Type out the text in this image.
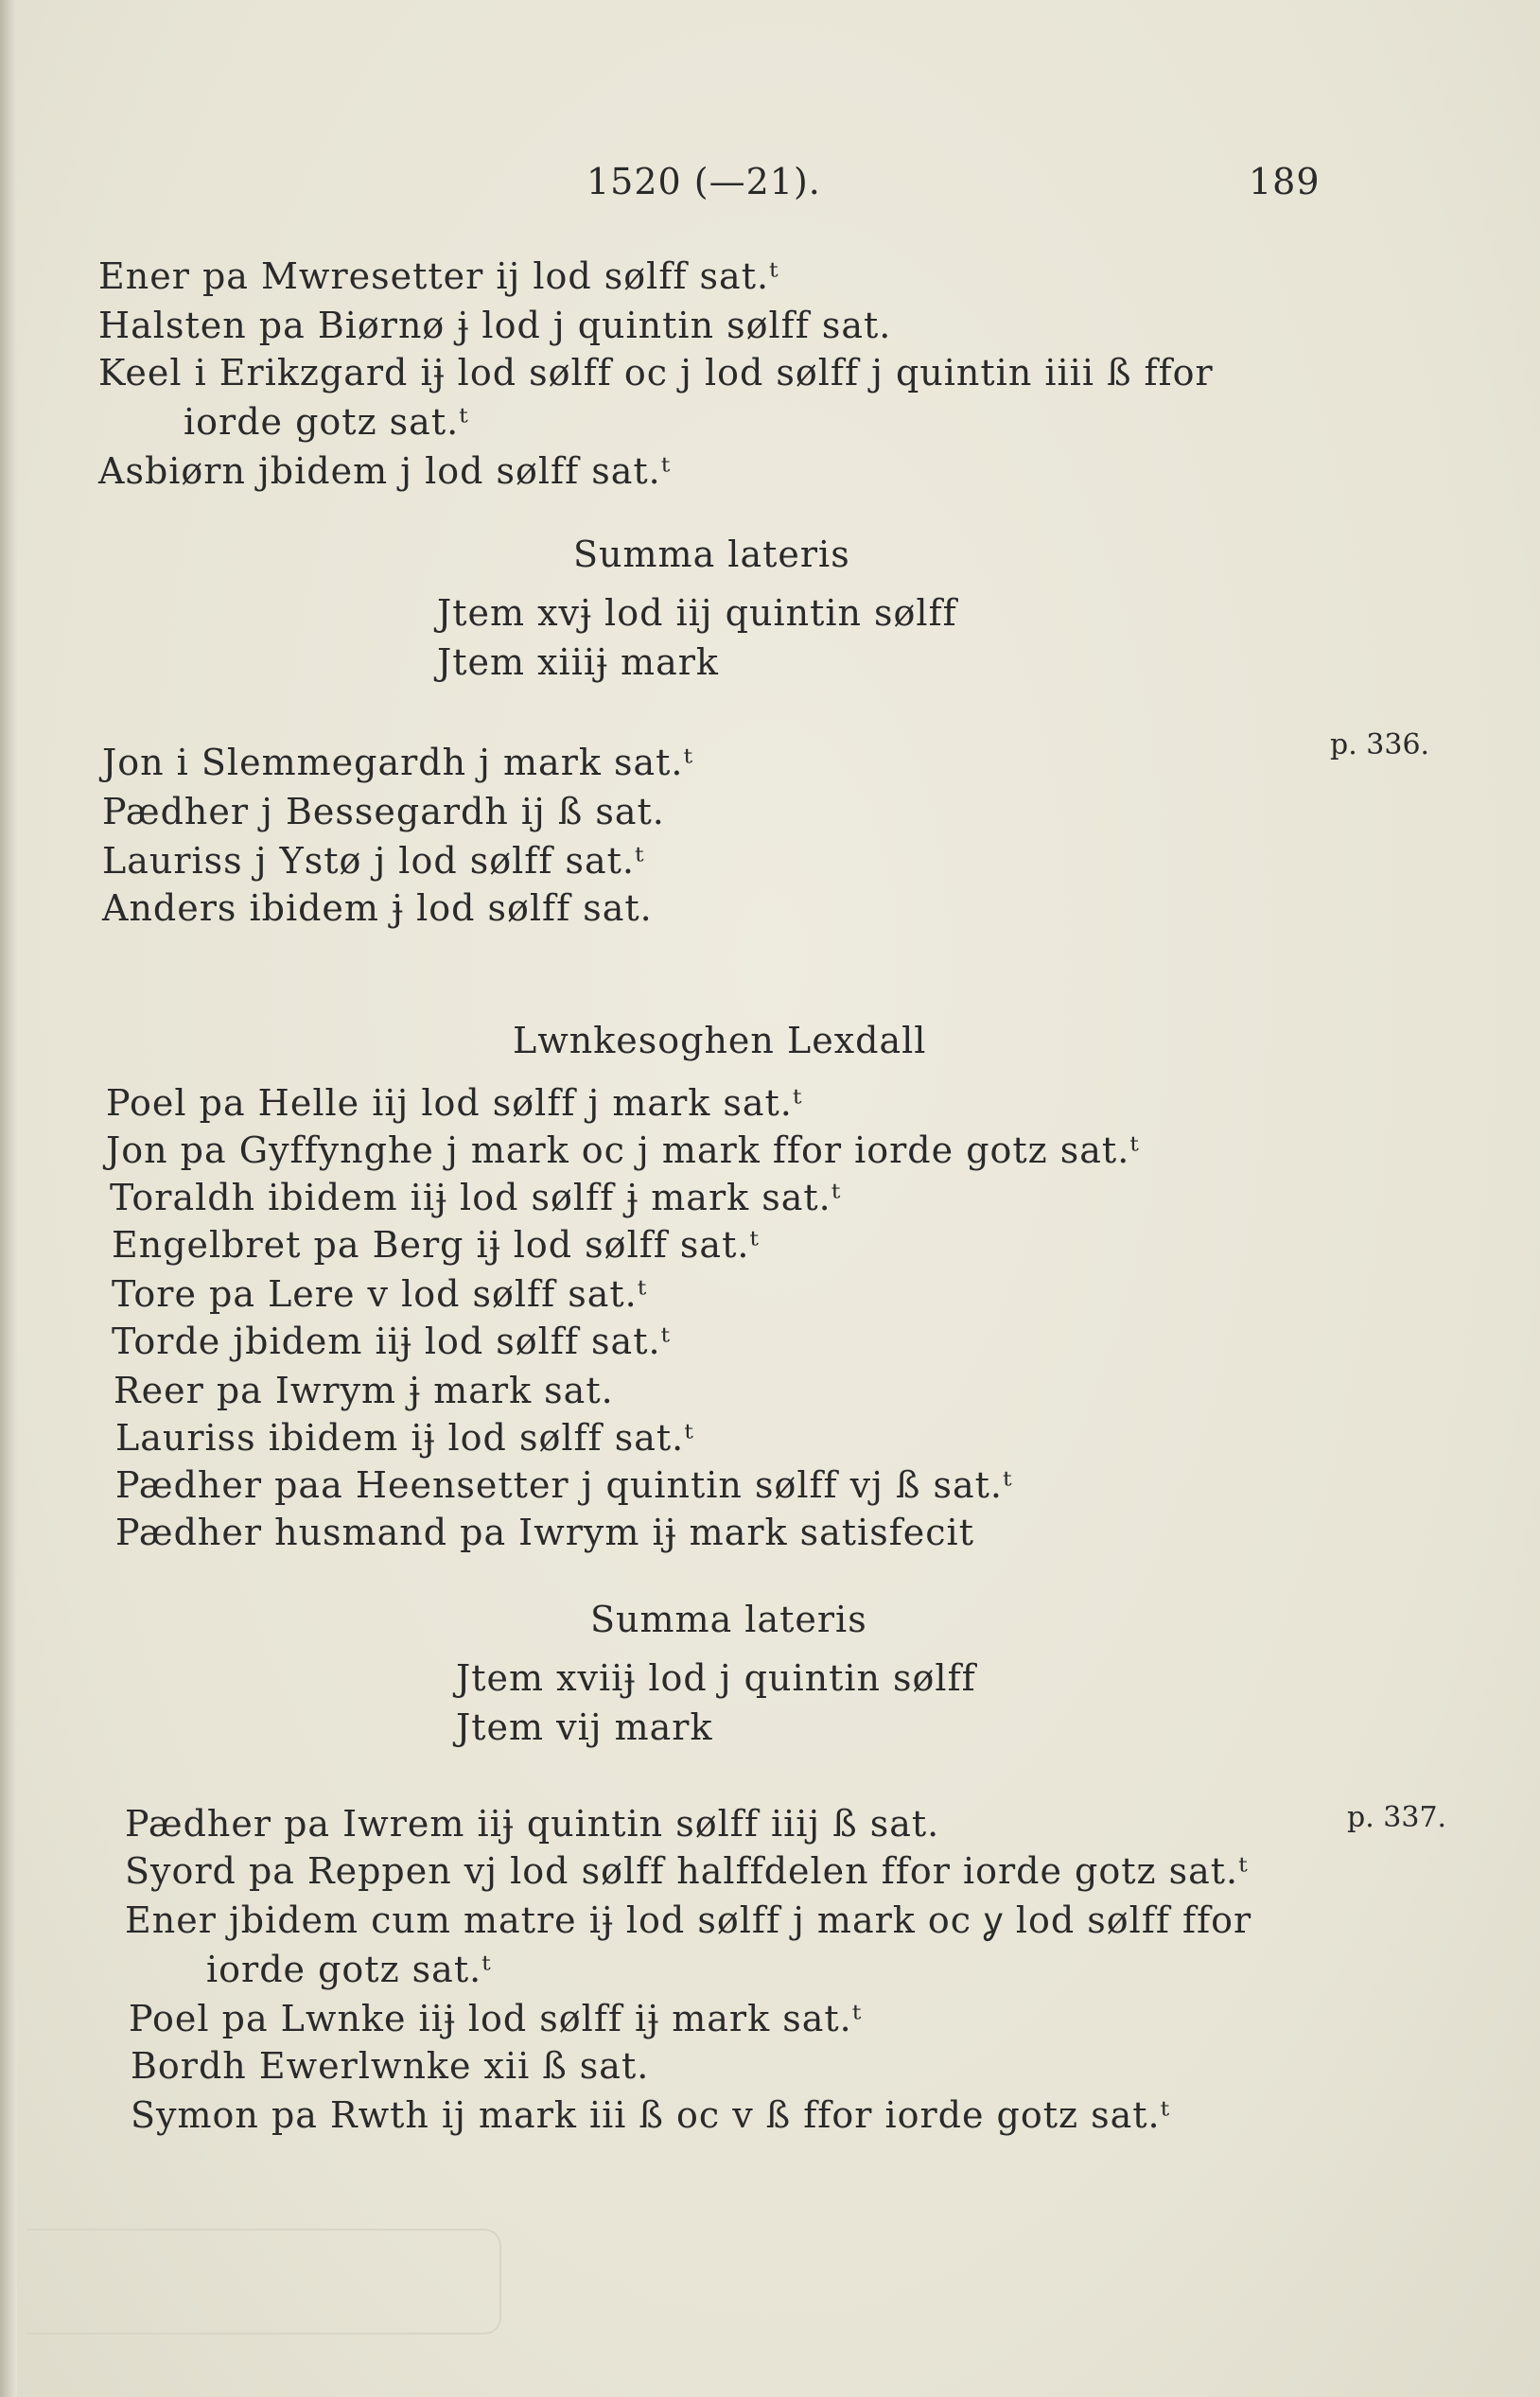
1520 (—21).	189
Ener pa Mwresetter ij lod sølff sat.ᵗ
Halsten pa Biørnø ɉ lod j quintin sølff sat.
Keel i Erikzgard iɉ lod sølff oc j lod sølff j quintin iiii ß ffor
iorde gotz sat.ᵗ
Asbiørn jbidem j lod sølff sat.ᵗ
Summa lateris
Jtem xvɉ lod iij quintin sølff
Jtem xiiiɉ mark
p. 336.
Jon i Slemmegardh j mark sat.ᵗ
Pædher j Bessegardh ij ß sat.
Lauriss j Ystø j lod sølff sat.ᵗ
Anders ibidem ɉ lod sølff sat.
Lwnkesoghen Lexdall
Poel pa Helle iij lod sølff j mark sat.ᵗ
Jon pa Gyffynghe j mark oc j mark ffor iorde gotz sat.ᵗ
Toraldh ibidem iiɉ lod sølff ɉ mark sat.ᵗ
Engelbret pa Berg iɉ lod sølff sat.ᵗ
Tore pa Lere v lod sølff sat.ᵗ
Torde jbidem iiɉ lod sølff sat.ᵗ
Reer pa Iwrym ɉ mark sat.
Lauriss ibidem iɉ lod sølff sat.ᵗ
Pædher paa Heensetter j quintin sølff vj ß sat.ᵗ
Pædher husmand pa Iwrym iɉ mark satisfecit
Summa lateris
Jtem xviiɉ lod j quintin sølff
Jtem vij mark
p. 337.
Pædher pa Iwrem iiɉ quintin sølff iiij ß sat.
Syord pa Reppen vj lod sølff halffdelen ffor iorde gotz sat.ᵗ
Ener jbidem cum matre iɉ lod sølff j mark oc ỿ lod sølff ffor
iorde gotz sat.ᵗ
Poel pa Lwnke iiɉ lod sølff iɉ mark sat.ᵗ
Bordh Ewerlwnke xii ß sat.
Symon pa Rwth ij mark iii ß oc v ß ffor iorde gotz sat.ᵗ
